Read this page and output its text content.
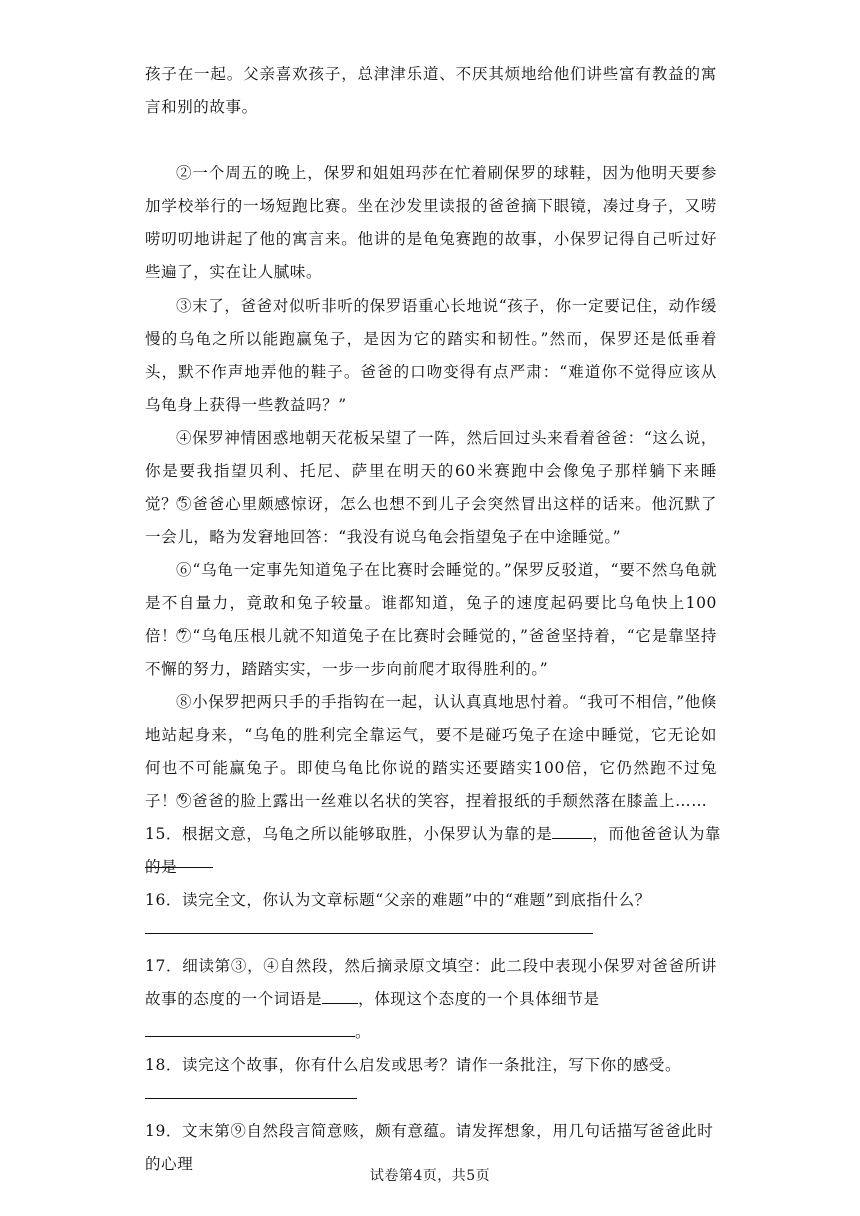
孩子在一起。父亲喜欢孩子，总津津乐道、不厌其烦地给他们讲些富有教益的寓言和别的故事。

②一个周五的晚上，保罗和姐姐玛莎在忙着刷保罗的球鞋，因为他明天要参加学校举行的一场短跑比赛。坐在沙发里读报的爸爸摘下眼镜，凑过身子，又唠唠叨叨地讲起了他的寓言来。他讲的是龟兔赛跑的故事，小保罗记得自己听过好些遍了，实在让人腻味。

③末了，爸爸对似听非听的保罗语重心长地说“孩子，你一定要记住，动作缓慢的乌龟之所以能跑赢兔子，是因为它的踏实和韧性。”然而，保罗还是低垂着头，默不作声地弄他的鞋子。爸爸的口吻变得有点严肃：“难道你不觉得应该从乌龟身上获得一些教益吗？”

④保罗神情困惑地朝天花板呆望了一阵，然后回过头来看着爸爸：“这么说，你是要我指望贝利、托尼、萨里在明天的60米赛跑中会像兔子那样躺下来睡觉？”

⑤爸爸心里颇感惊讶，怎么也想不到儿子会突然冒出这样的话来。他沉默了一会儿，略为发窘地回答：“我没有说乌龟会指望兔子在中途睡觉。”

⑥“乌龟一定事先知道兔子在比赛时会睡觉的。”保罗反驳道，“要不然乌龟就是不自量力，竟敢和兔子较量。谁都知道，兔子的速度起码要比乌龟快上100倍！”

⑦“乌龟压根儿就不知道兔子在比赛时会睡觉的，”爸爸坚持着，“它是靠坚持不懈的努力，踏踏实实，一步一步向前爬才取得胜利的。”

⑧小保罗把两只手的手指钩在一起，认认真真地思忖着。“我可不相信，”他倏地站起身来，“乌龟的胜利完全靠运气，要不是碰巧兔子在途中睡觉，它无论如何也不可能赢兔子。即使乌龟比你说的踏实还要踏实100倍，它仍然跑不过兔子！”

⑨爸爸的脸上露出一丝难以名状的笑容，捏着报纸的手颓然落在膝盖上……

15．根据文意，乌龟之所以能够取胜，小保罗认为靠的是	，而他爸爸认为靠的是

16．读完全文，你认为文章标题“父亲的难题”中的“难题”到底指什么？

17．细读第③，④自然段，然后摘录原文填空：此二段中表现小保罗对爸爸所讲故事的态度的一个词语是 ，体现这个态度的一个具体细节是
。

18．读完这个故事，你有什么启发或思考？请作一条批注，写下你的感受。

19．文末第⑨自然段言简意赅，颇有意蕴。请发挥想象，用几句话描写爸爸此时的心理

试卷第4页，共5页
